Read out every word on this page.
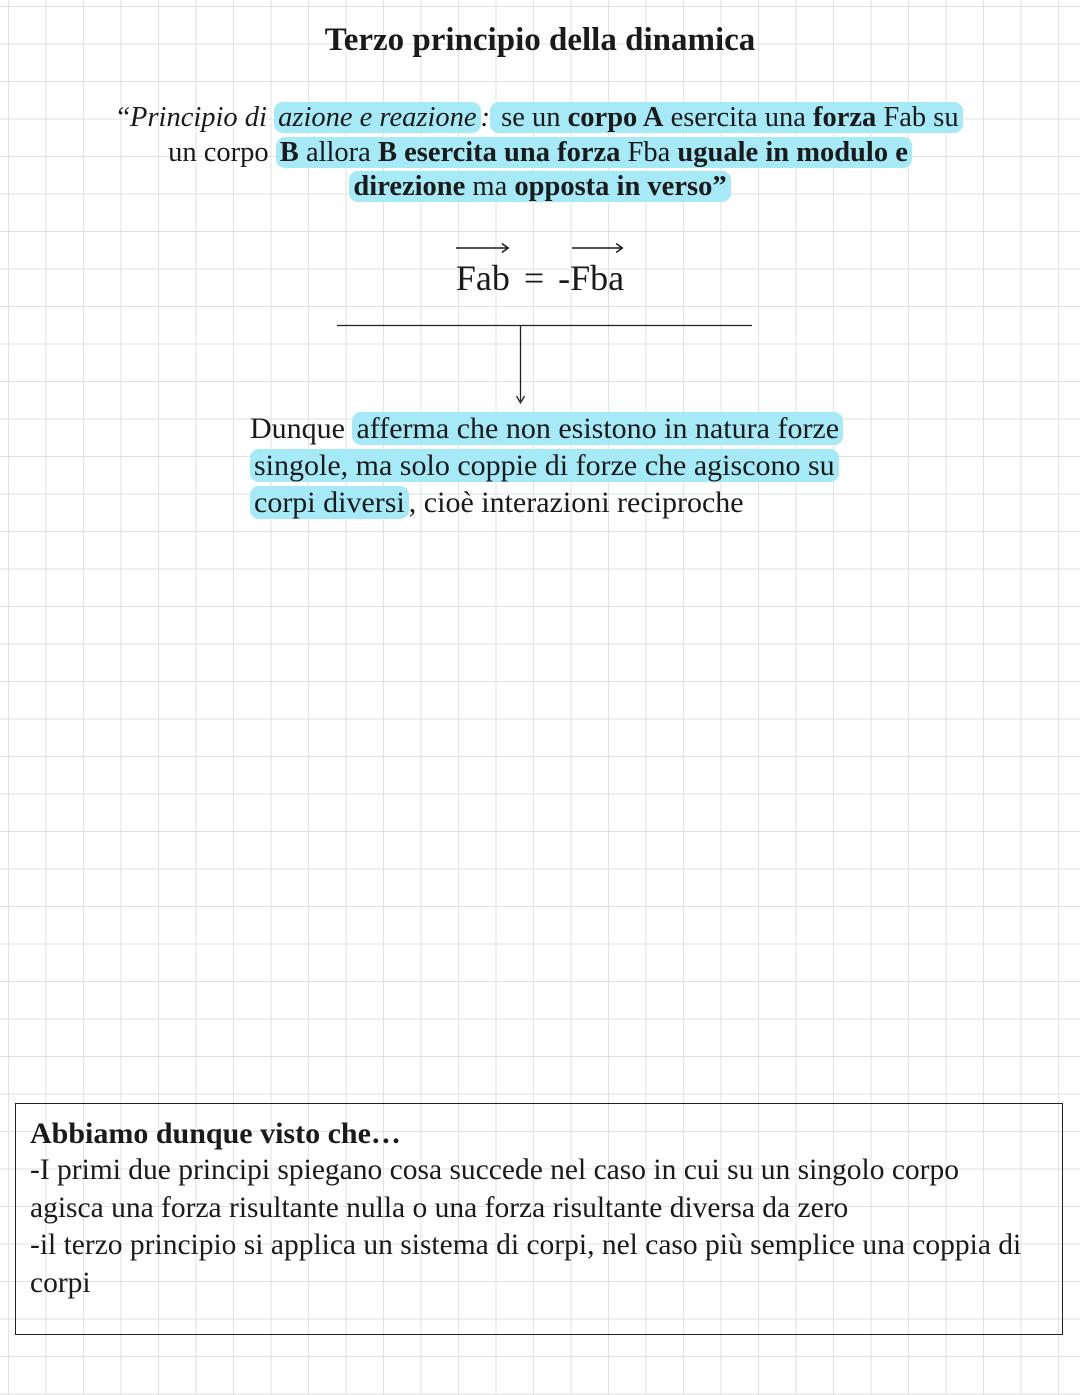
Terzo principio della dinamica

“Principio di azione e reazione : se un corpo A esercita una forza Fab su
un corpo B allora B esercita una forza Fba uguale in modulo e
direzione ma opposta in verso”

Fab = -Fba

Dunque afferma che non esistono in natura forze
singole, ma solo coppie di forze che agiscono su
corpi diversi , cioè interazioni reciproche

Abbiamo dunque visto che…

-I primi due principi spiegano cosa succede nel caso in cui su un singolo corpo agisca una forza risultante nulla o una forza risultante diversa da zero
-il terzo principio si applica un sistema di corpi, nel caso più semplice una coppia di corpi
